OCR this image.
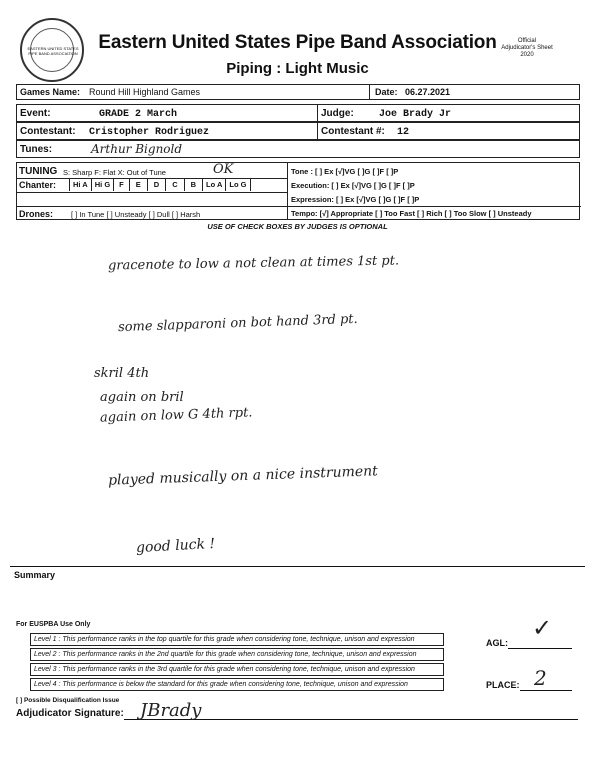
EASTERN UNITED STATES PIPE BAND ASSOCIATION
Eastern United States Pipe Band Association
Piping : Light Music
Official
Adjudicator's Sheet
2020
Games Name: Round Hill Highland Games	Date: 06.27.2021
Event:	GRADE 2 March	Judge:	Joe Brady Jr
Contestant: Cristopher Rodriguez	Contestant #: 12
Tunes:	Arthur Bignold
TUNING S: Sharp F: Flat X: Out of Tune	OK
Chanter:	Hi A Hi G	F	E	D	C	B	Lo A Lo G
Drones: [ ] In Tune [ ] Unsteady [ ] Dull [ ] Harsh
Tone : [ ] Ex [√]VG [ ]G [ ]F [ ]P
Execution: [ ] Ex [√]VG [ ]G [ ]F [ ]P
Expression: [ ] Ex [√]VG [ ]G [ ]F [ ]P
Tempo: [√] Appropriate [ ] Too Fast [ ] Rich [ ] Too Slow [ ] Unsteady
USE OF CHECK BOXES BY JUDGES IS OPTIONAL
gracenote to low a not clean at times 1st pt.
some slapparoni on bot hand 3rd pt.
skril 4th
again on bril
again on low G 4th rpt.
played musically on a nice instrument
good luck !
Summary
For EUSPBA Use Only
Level 1 : This performance ranks in the top quartile for this grade when considering tone, technique, unison and expression
Level 2 : This performance ranks in the 2nd quartile for this grade when considering tone, technique, unison and expression
Level 3 : This performance ranks in the 3rd quartile for this grade when considering tone, technique, unison and expression
Level 4 : This performance is below the standard for this grade when considering tone, technique, unison and expression
AGL:
✓
PLACE: 2
[ ] Possible Disqualification Issue
Adjudicator Signature: JBrady
